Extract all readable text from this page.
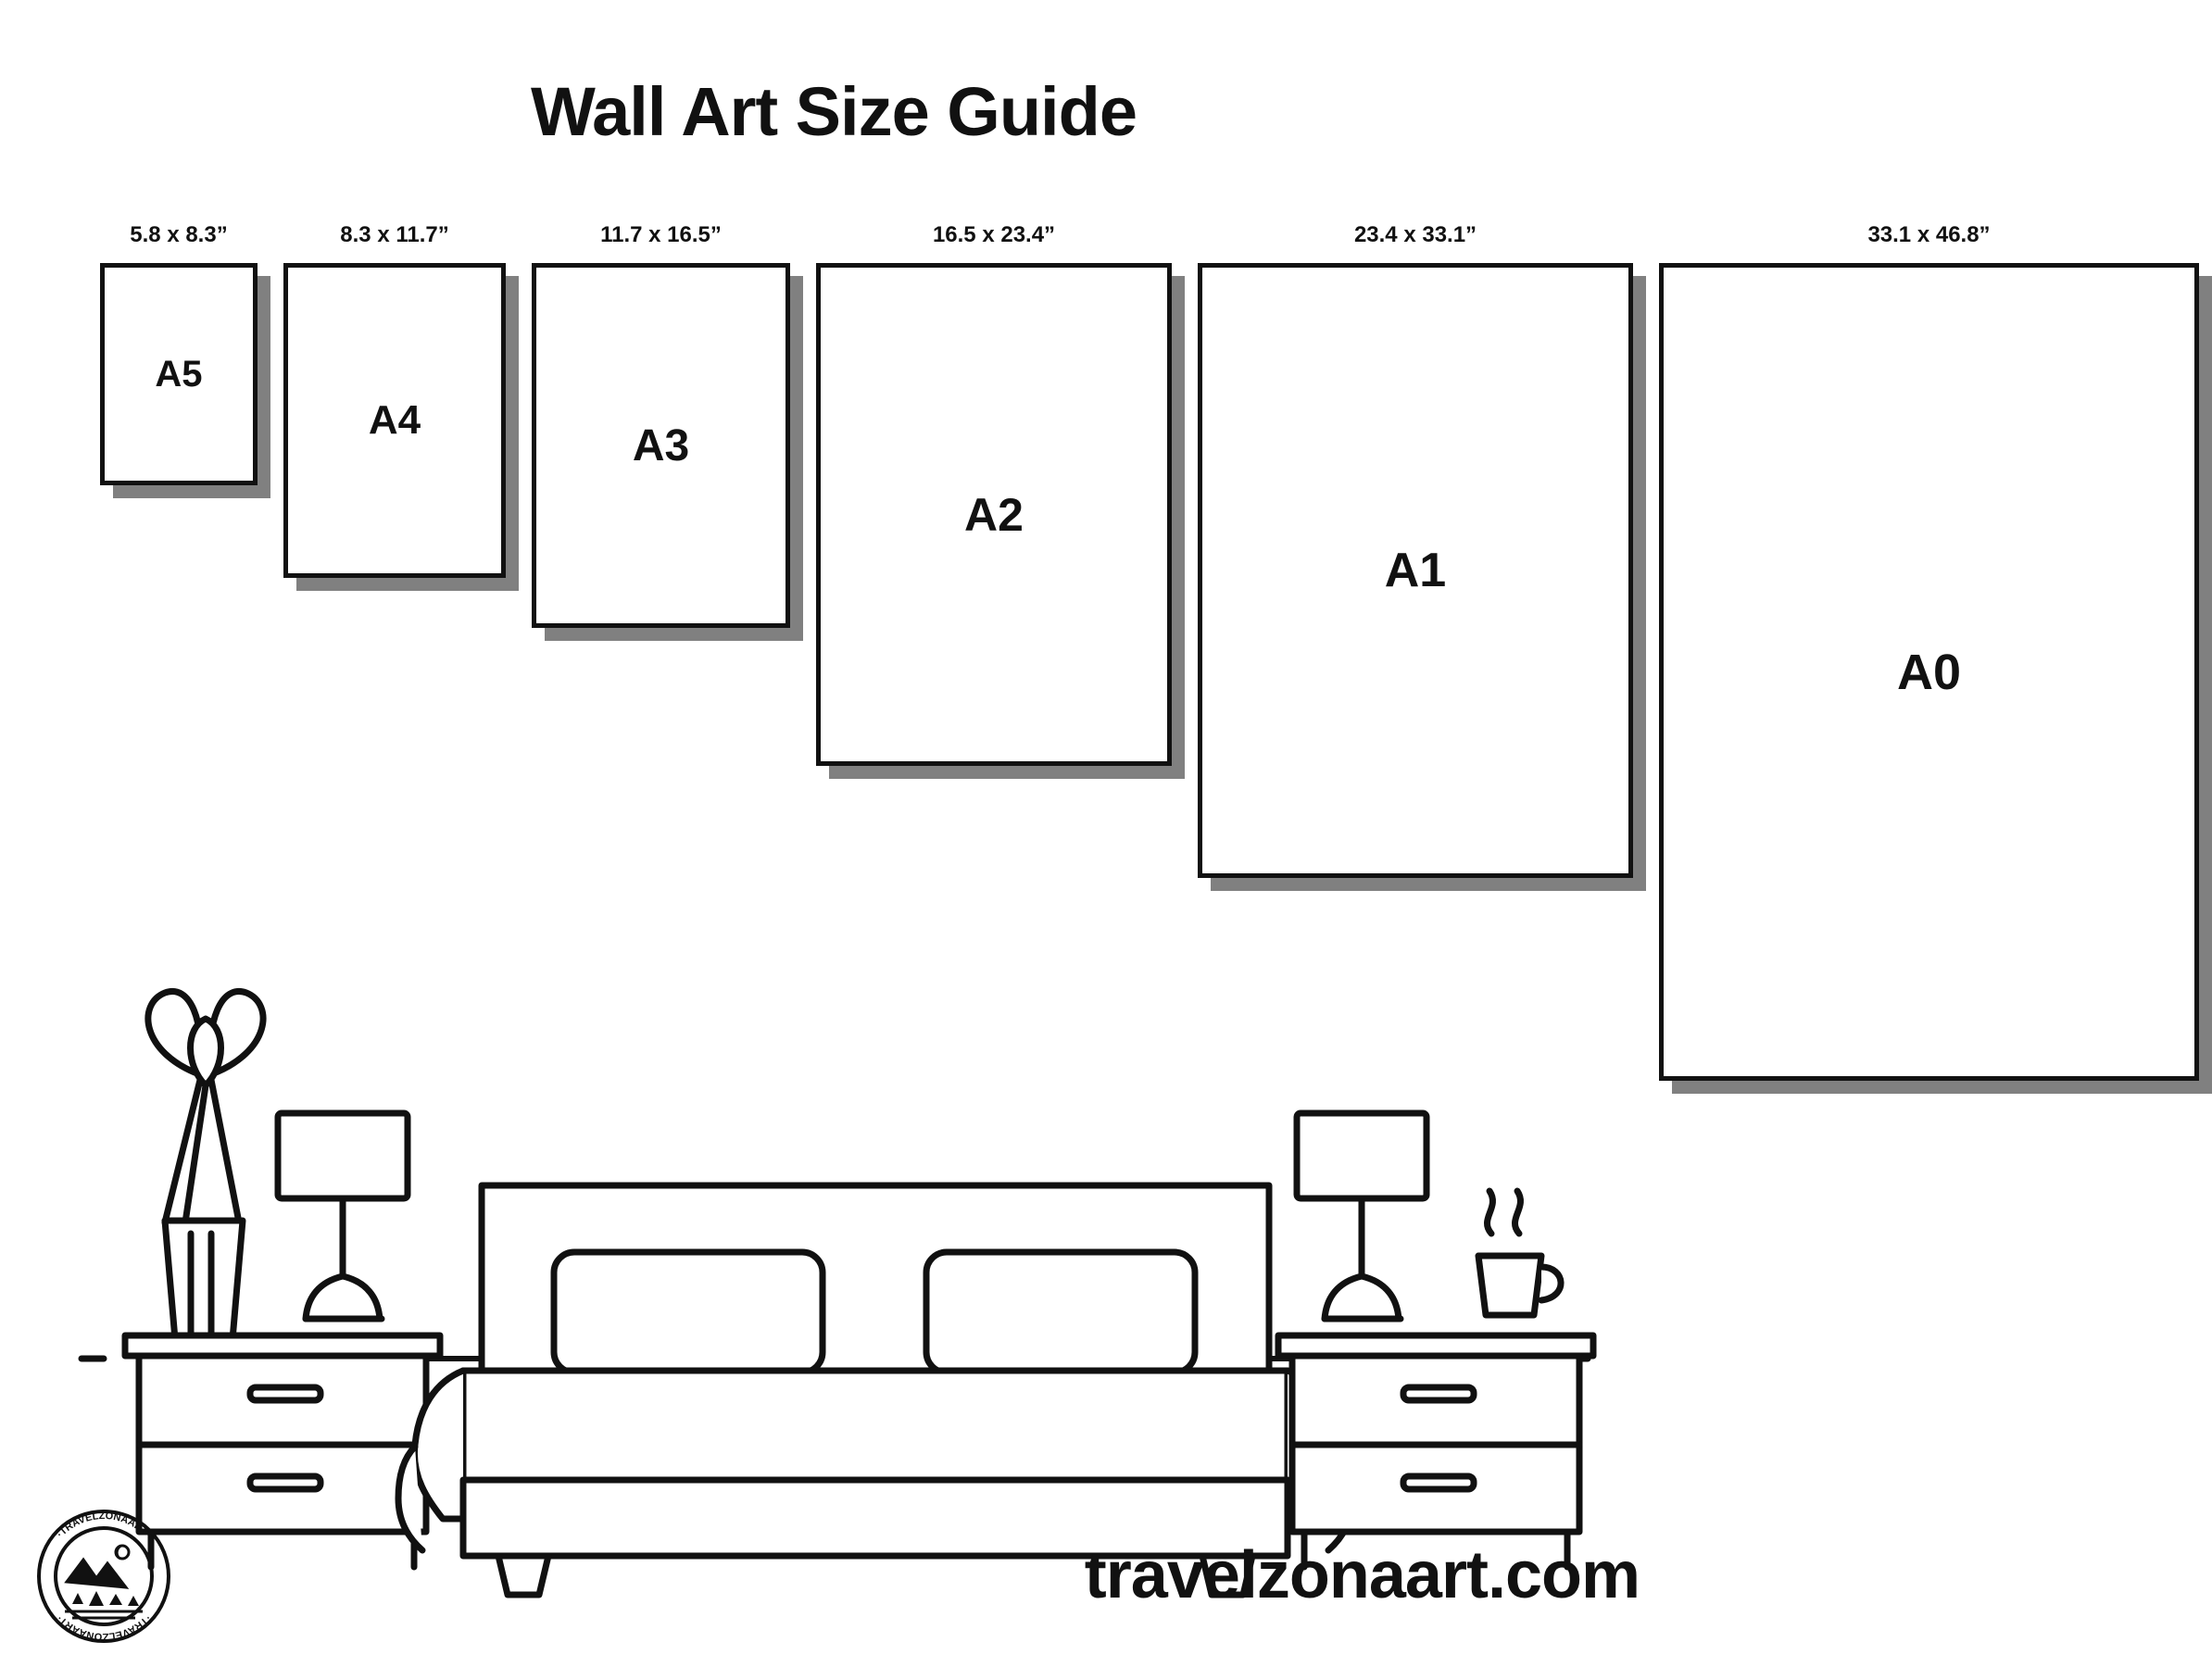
Wall Art Size Guide
5.8 x 8.3”
A5
8.3 x 11.7”
A4
11.7 x 16.5”
A3
16.5 x 23.4”
A2
23.4 x 33.1”
A1
33.1 x 46.8”
A0
·TRAVELZONAART·
·TRAVELZONAART·
travelzonaart.com
